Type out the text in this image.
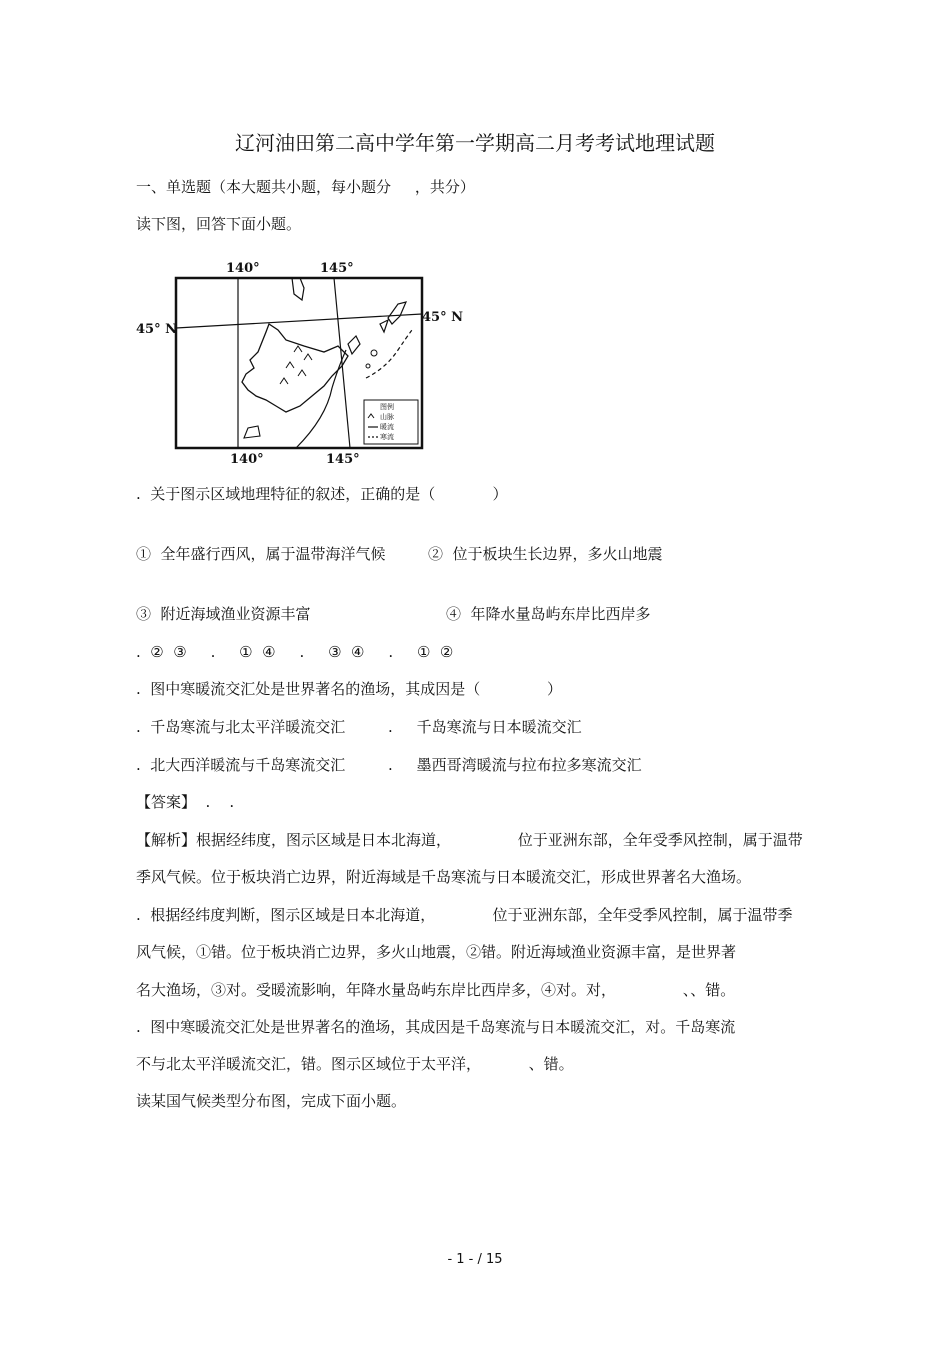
辽河油田第二高中学年第一学期高二月考考试地理试题
一、单选题（本大题共小题，每小题分     ，共分）
读下图，回答下面小题。
图例
山脉
暖流
寒流
140°	145°
140°	145°
45° N
45° N
.  关于图示区域地理特征的叙述，正确的是（            ）
①  全年盛行西风，属于温带海洋气候	②  位于板块生长边界，多火山地震
③  附近海域渔业资源丰富	④  年降水量岛屿东岸比西岸多
.  ②  ③     .     ①  ④     .     ③  ④     .     ①  ②
.  图中寒暖流交汇处是世界著名的渔场，其成因是（              ）
.  千岛寒流与北太平洋暖流交汇	.     千岛寒流与日本暖流交汇
.  北大西洋暖流与千岛寒流交汇	.     墨西哥湾暖流与拉布拉多寒流交汇
【答案】  .    .
【解析】根据经纬度，图示区域是日本北海道，              位于亚洲东部，全年受季风控制，属于温带
季风气候。位于板块消亡边界，附近海域是千岛寒流与日本暖流交汇，形成世界著名大渔场。
.  根据经纬度判断，图示区域是日本北海道，            位于亚洲东部，全年受季风控制，属于温带季
风气候，①错。位于板块消亡边界，多火山地震，②错。附近海域渔业资源丰富，是世界著
名大渔场，③对。受暖流影响，年降水量岛屿东岸比西岸多，④对。对，              、、错。
.  图中寒暖流交汇处是世界著名的渔场，其成因是千岛寒流与日本暖流交汇，对。千岛寒流
不与北太平洋暖流交汇，错。图示区域位于太平洋，          、错。
读某国气候类型分布图，完成下面小题。
- 1 - / 15
